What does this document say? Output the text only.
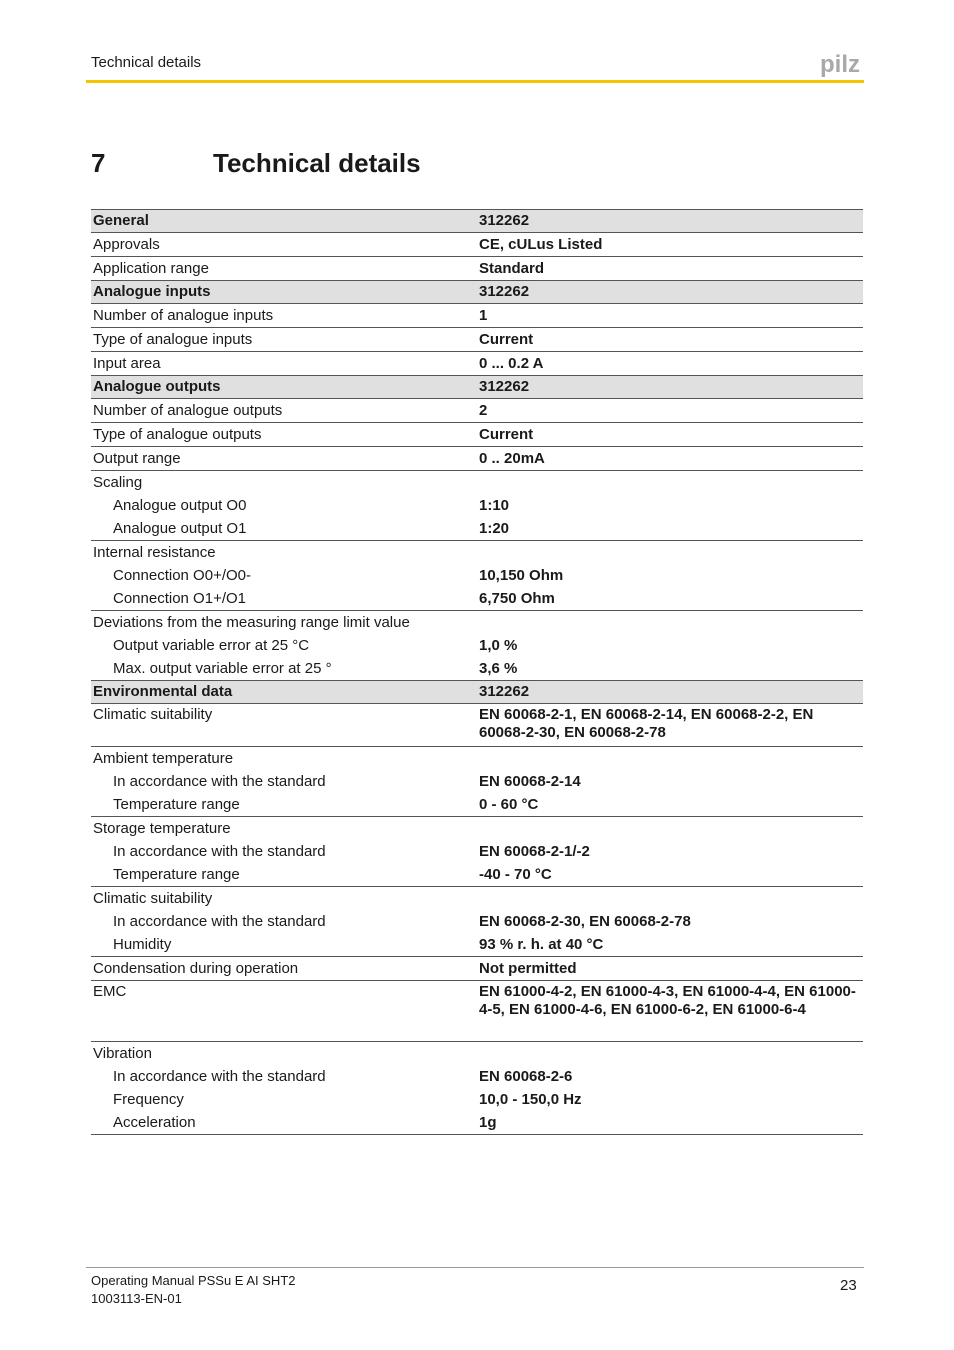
Technical details	pilz
7	Technical details
General	312262
Approvals	CE, cULus Listed
Application range	Standard
Analogue inputs	312262
Number of analogue inputs	1
Type of analogue inputs	Current
Input area	0 ... 0.2 A
Analogue outputs	312262
Number of analogue outputs	2
Type of analogue outputs	Current
Output range	0 .. 20mA
Scaling	
Analogue output O0	1:10
Analogue output O1	1:20
Internal resistance	
Connection O0+/O0-	10,150 Ohm
Connection O1+/O1	6,750 Ohm
Deviations from the measuring range limit value	
Output variable error at 25 °C	1,0 %
Max. output variable error at 25 °	3,6 %
Environmental data	312262
Climatic suitability	EN 60068-2-1, EN 60068-2-14, EN 60068-2-2, EN 60068-2-30, EN 60068-2-78
Ambient temperature	
In accordance with the standard	EN 60068-2-14
Temperature range	0 - 60 °C
Storage temperature	
In accordance with the standard	EN 60068-2-1/-2
Temperature range	-40 - 70 °C
Climatic suitability	
In accordance with the standard	EN 60068-2-30, EN 60068-2-78
Humidity	93 % r. h. at 40 °C
Condensation during operation	Not permitted
EMC	EN 61000-4-2, EN 61000-4-3, EN 61000-4-4, EN 61000-4-5, EN 61000-4-6, EN 61000-6-2, EN 61000-6-4
Vibration	
In accordance with the standard	EN 60068-2-6
Frequency	10,0 - 150,0 Hz
Acceleration	1g
Operating Manual PSSu E AI SHT2
1003113-EN-01
23
